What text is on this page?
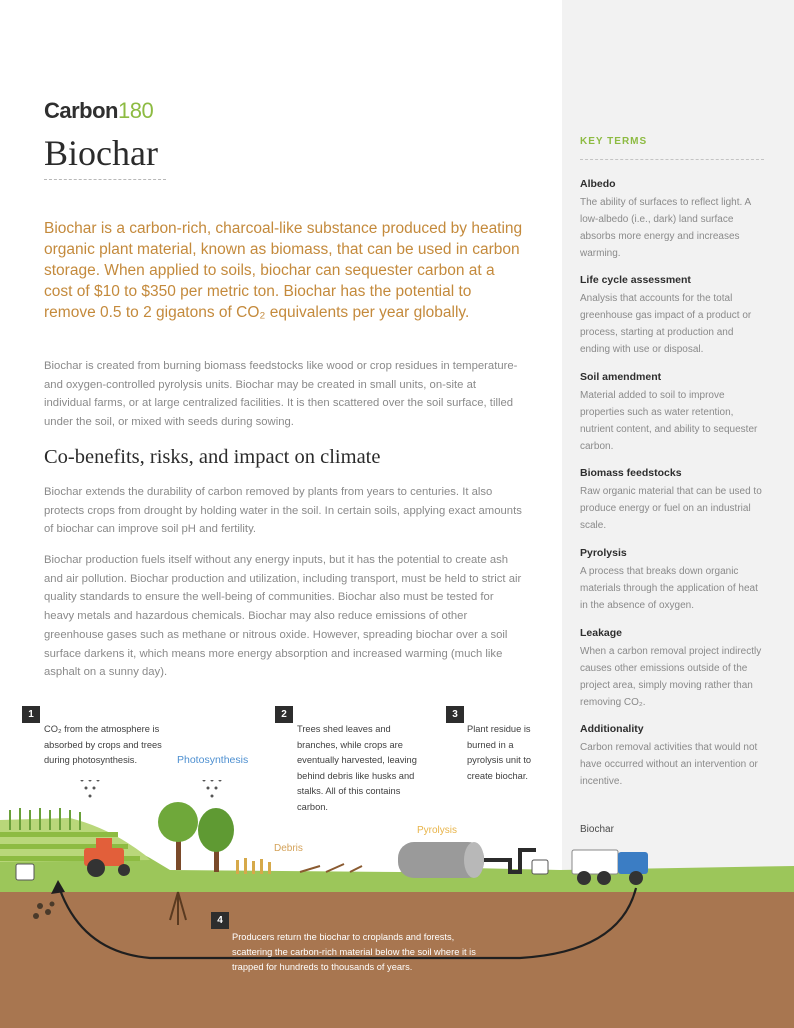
Carbon180
Biochar

Biochar is a carbon-rich, charcoal-like substance produced by heating organic plant material, known as biomass, that can be used in carbon storage. When applied to soils, biochar can sequester carbon at a cost of $10 to $350 per metric ton. Biochar has the potential to remove 0.5 to 2 gigatons of CO₂ equivalents per year globally.

Biochar is created from burning biomass feedstocks like wood or crop residues in temperature- and oxygen-controlled pyrolysis units. Biochar may be created in small units, on-site at individual farms, or at large centralized facilities. It is then scattered over the soil surface, tilled under the soil, or mixed with seeds during sowing.

Co-benefits, risks, and impact on climate

Biochar extends the durability of carbon removed by plants from years to centuries. It also protects crops from drought by holding water in the soil. In certain soils, applying exact amounts of biochar can improve soil pH and fertility.

Biochar production fuels itself without any energy inputs, but it has the potential to create ash and air pollution. Biochar production and utilization, including transport, must be held to strict air quality standards to ensure the well-being of communities. Biochar also must be tested for heavy metals and hazardous chemicals. Biochar may also reduce emissions of other greenhouse gases such as methane or nitrous oxide. However, spreading biochar over a soil surface darkens it, which means more energy absorption and increased warming (much like asphalt on a sunny day).

KEY TERMS

Albedo

The ability of surfaces to reflect light. A low-albedo (i.e., dark) land surface absorbs more energy and increases warming.

Life cycle assessment

Analysis that accounts for the total greenhouse gas impact of a product or process, starting at production and ending with use or disposal.

Soil amendment

Material added to soil to improve properties such as water retention, nutrient content, and ability to sequester carbon.

Biomass feedstocks

Raw organic material that can be used to produce energy or fuel on an industrial scale.

Pyrolysis

A process that breaks down organic materials through the application of heat in the absence of oxygen.

Leakage

When a carbon removal project indirectly causes other emissions outside of the project area, simply moving rather than removing CO₂.

Additionality

Carbon removal activities that would not have occurred without an intervention or incentive.

1

CO₂ from the atmosphere is absorbed by crops and trees during photosynthesis.

2

Trees shed leaves and branches, while crops are eventually harvested, leaving behind debris like husks and stalks. All of this contains carbon.

3

Plant residue is burned in a pyrolysis unit to create biochar.

Photosynthesis
Debris
Pyrolysis	Biochar
4

Producers return the biochar to croplands and forests, scattering the carbon-rich material below the soil where it is trapped for hundreds to thousands of years.
